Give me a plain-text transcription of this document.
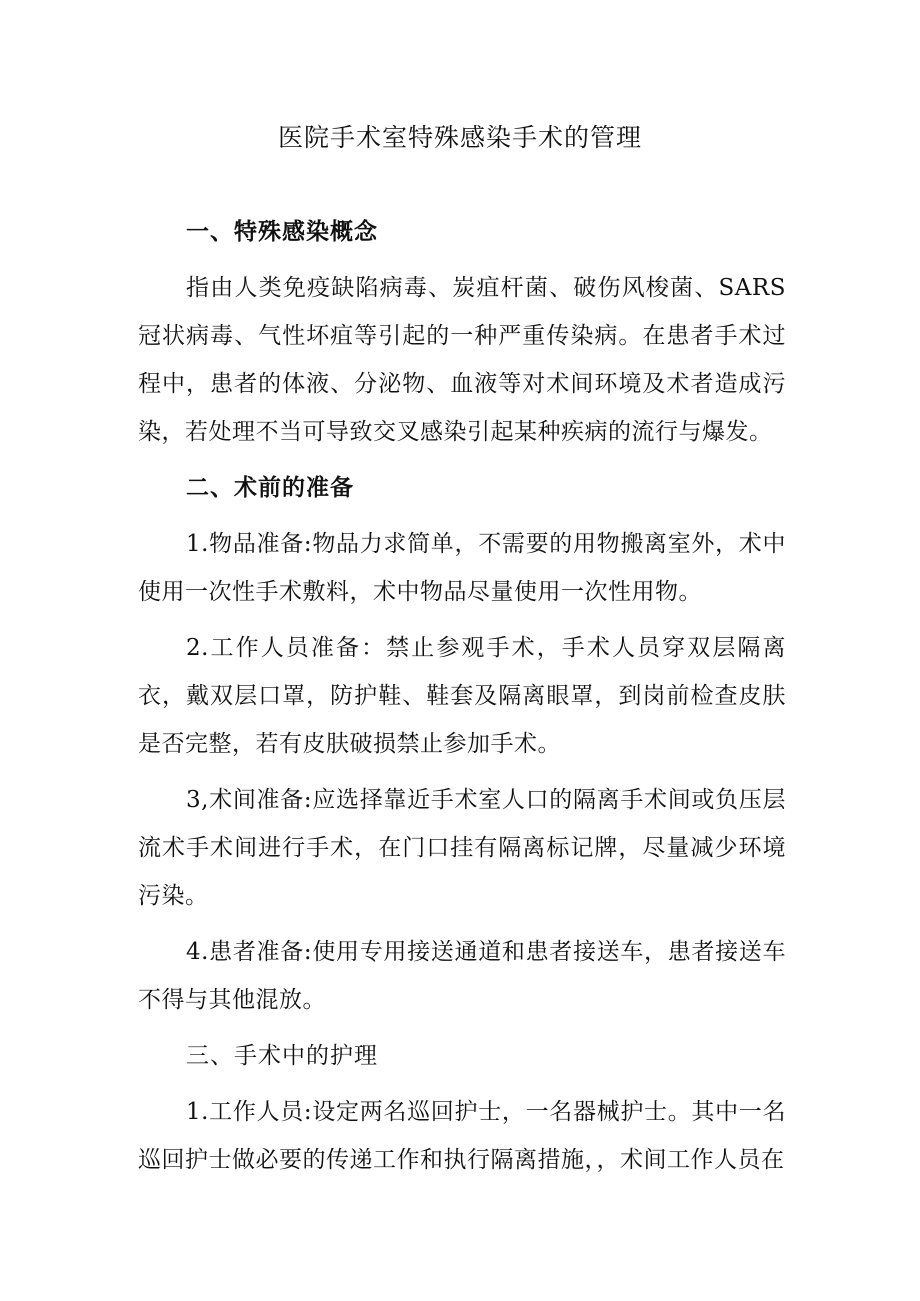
医院手术室特殊感染手术的管理

一、特殊感染概念

指由人类免疫缺陷病毒、炭疽杆菌、破伤风梭菌、SARS冠状病毒、气性坏疽等引起的一种严重传染病。在患者手术过程中，患者的体液、分泌物、血液等对术间环境及术者造成污染，若处理不当可导致交叉感染引起某种疾病的流行与爆发。

二、术前的准备

1.物品准备:物品力求简单，不需要的用物搬离室外，术中使用一次性手术敷料，术中物品尽量使用一次性用物。

2.工作人员准备：禁止参观手术，手术人员穿双层隔离衣，戴双层口罩，防护鞋、鞋套及隔离眼罩，到岗前检查皮肤是否完整，若有皮肤破损禁止参加手术。

3,术间准备:应选择靠近手术室人口的隔离手术间或负压层流术手术间进行手术，在门口挂有隔离标记牌，尽量减少环境污染。

4.患者准备:使用专用接送通道和患者接送车，患者接送车不得与其他混放。

三、手术中的护理

1.工作人员:设定两名巡回护士，一名器械护士。其中一名巡回护士做必要的传递工作和执行隔离措施，，术间工作人员在
